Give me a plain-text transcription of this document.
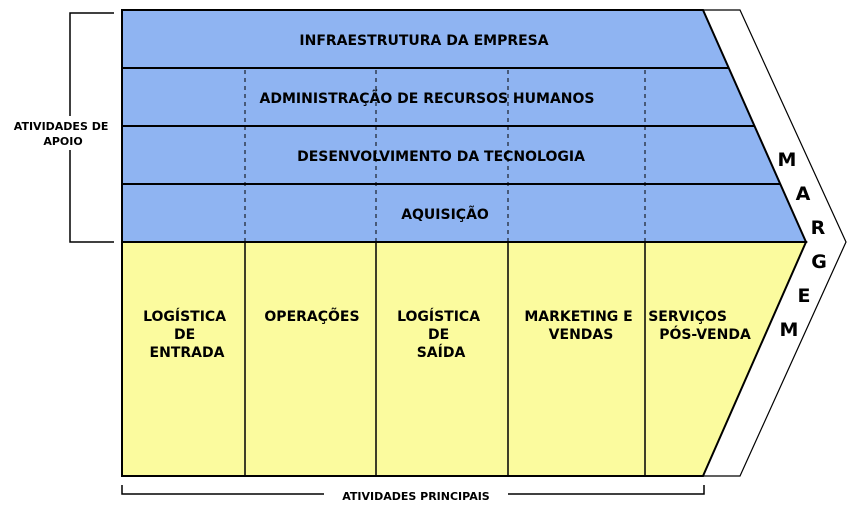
INFRAESTRUTURA DA EMPRESA
ADMINISTRAÇÃO DE RECURSOS HUMANOS
DESENVOLVIMENTO DA TECNOLOGIA
AQUISIÇÃO
LOGÍSTICA DE ENTRADA
OPERAÇÕES	LOGÍSTICA DE SAÍDA
MARKETING E VENDAS
SERVIÇOS PÓS-VENDA
M
A
R
G
E
M
ATIVIDADES DE APOIO
ATIVIDADES PRINCIPAIS
